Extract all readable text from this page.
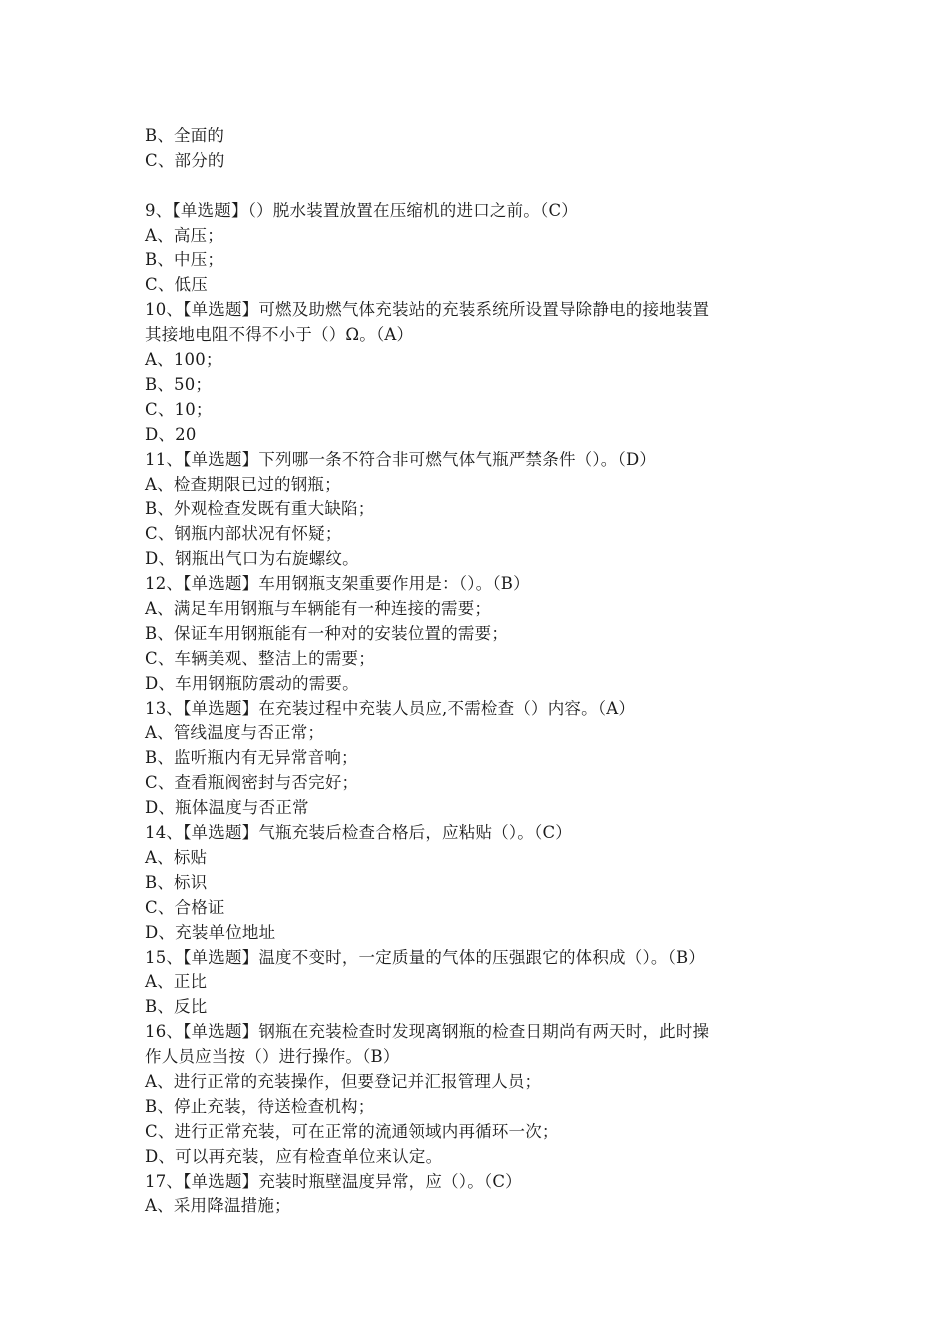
B、全面的
C、部分的
9、【单选题】（）脱水装置放置在压缩机的进口之前。（C）
A、高压；
B、中压；
C、低压
10、【单选题】可燃及助燃气体充装站的充装系统所设置导除静电的接地装置
其接地电阻不得不小于（）Ω。（A）
A、100；
B、50；
C、10；
D、20
11、【单选题】下列哪一条不符合非可燃气体气瓶严禁条件（）。（D）
A、检查期限已过的钢瓶；
B、外观检查发既有重大缺陷；
C、钢瓶内部状况有怀疑；
D、钢瓶出气口为右旋螺纹。
12、【单选题】车用钢瓶支架重要作用是：（）。（B）
A、满足车用钢瓶与车辆能有一种连接的需要；
B、保证车用钢瓶能有一种对的安装位置的需要；
C、车辆美观、整洁上的需要；
D、车用钢瓶防震动的需要。
13、【单选题】在充装过程中充装人员应,不需检查（）内容。（A）
A、管线温度与否正常；
B、监听瓶内有无异常音响；
C、查看瓶阀密封与否完好；
D、瓶体温度与否正常
14、【单选题】气瓶充装后检查合格后，应粘贴（）。（C）
A、标贴
B、标识
C、合格证
D、充装单位地址
15、【单选题】温度不变时，一定质量的气体的压强跟它的体积成（）。（B）
A、正比
B、反比
16、【单选题】钢瓶在充装检查时发现离钢瓶的检查日期尚有两天时，此时操
作人员应当按（）进行操作。（B）
A、进行正常的充装操作，但要登记并汇报管理人员；
B、停止充装，待送检查机构；
C、进行正常充装，可在正常的流通领域内再循环一次；
D、可以再充装，应有检查单位来认定。
17、【单选题】充装时瓶壁温度异常，应（）。（C）
A、采用降温措施；
